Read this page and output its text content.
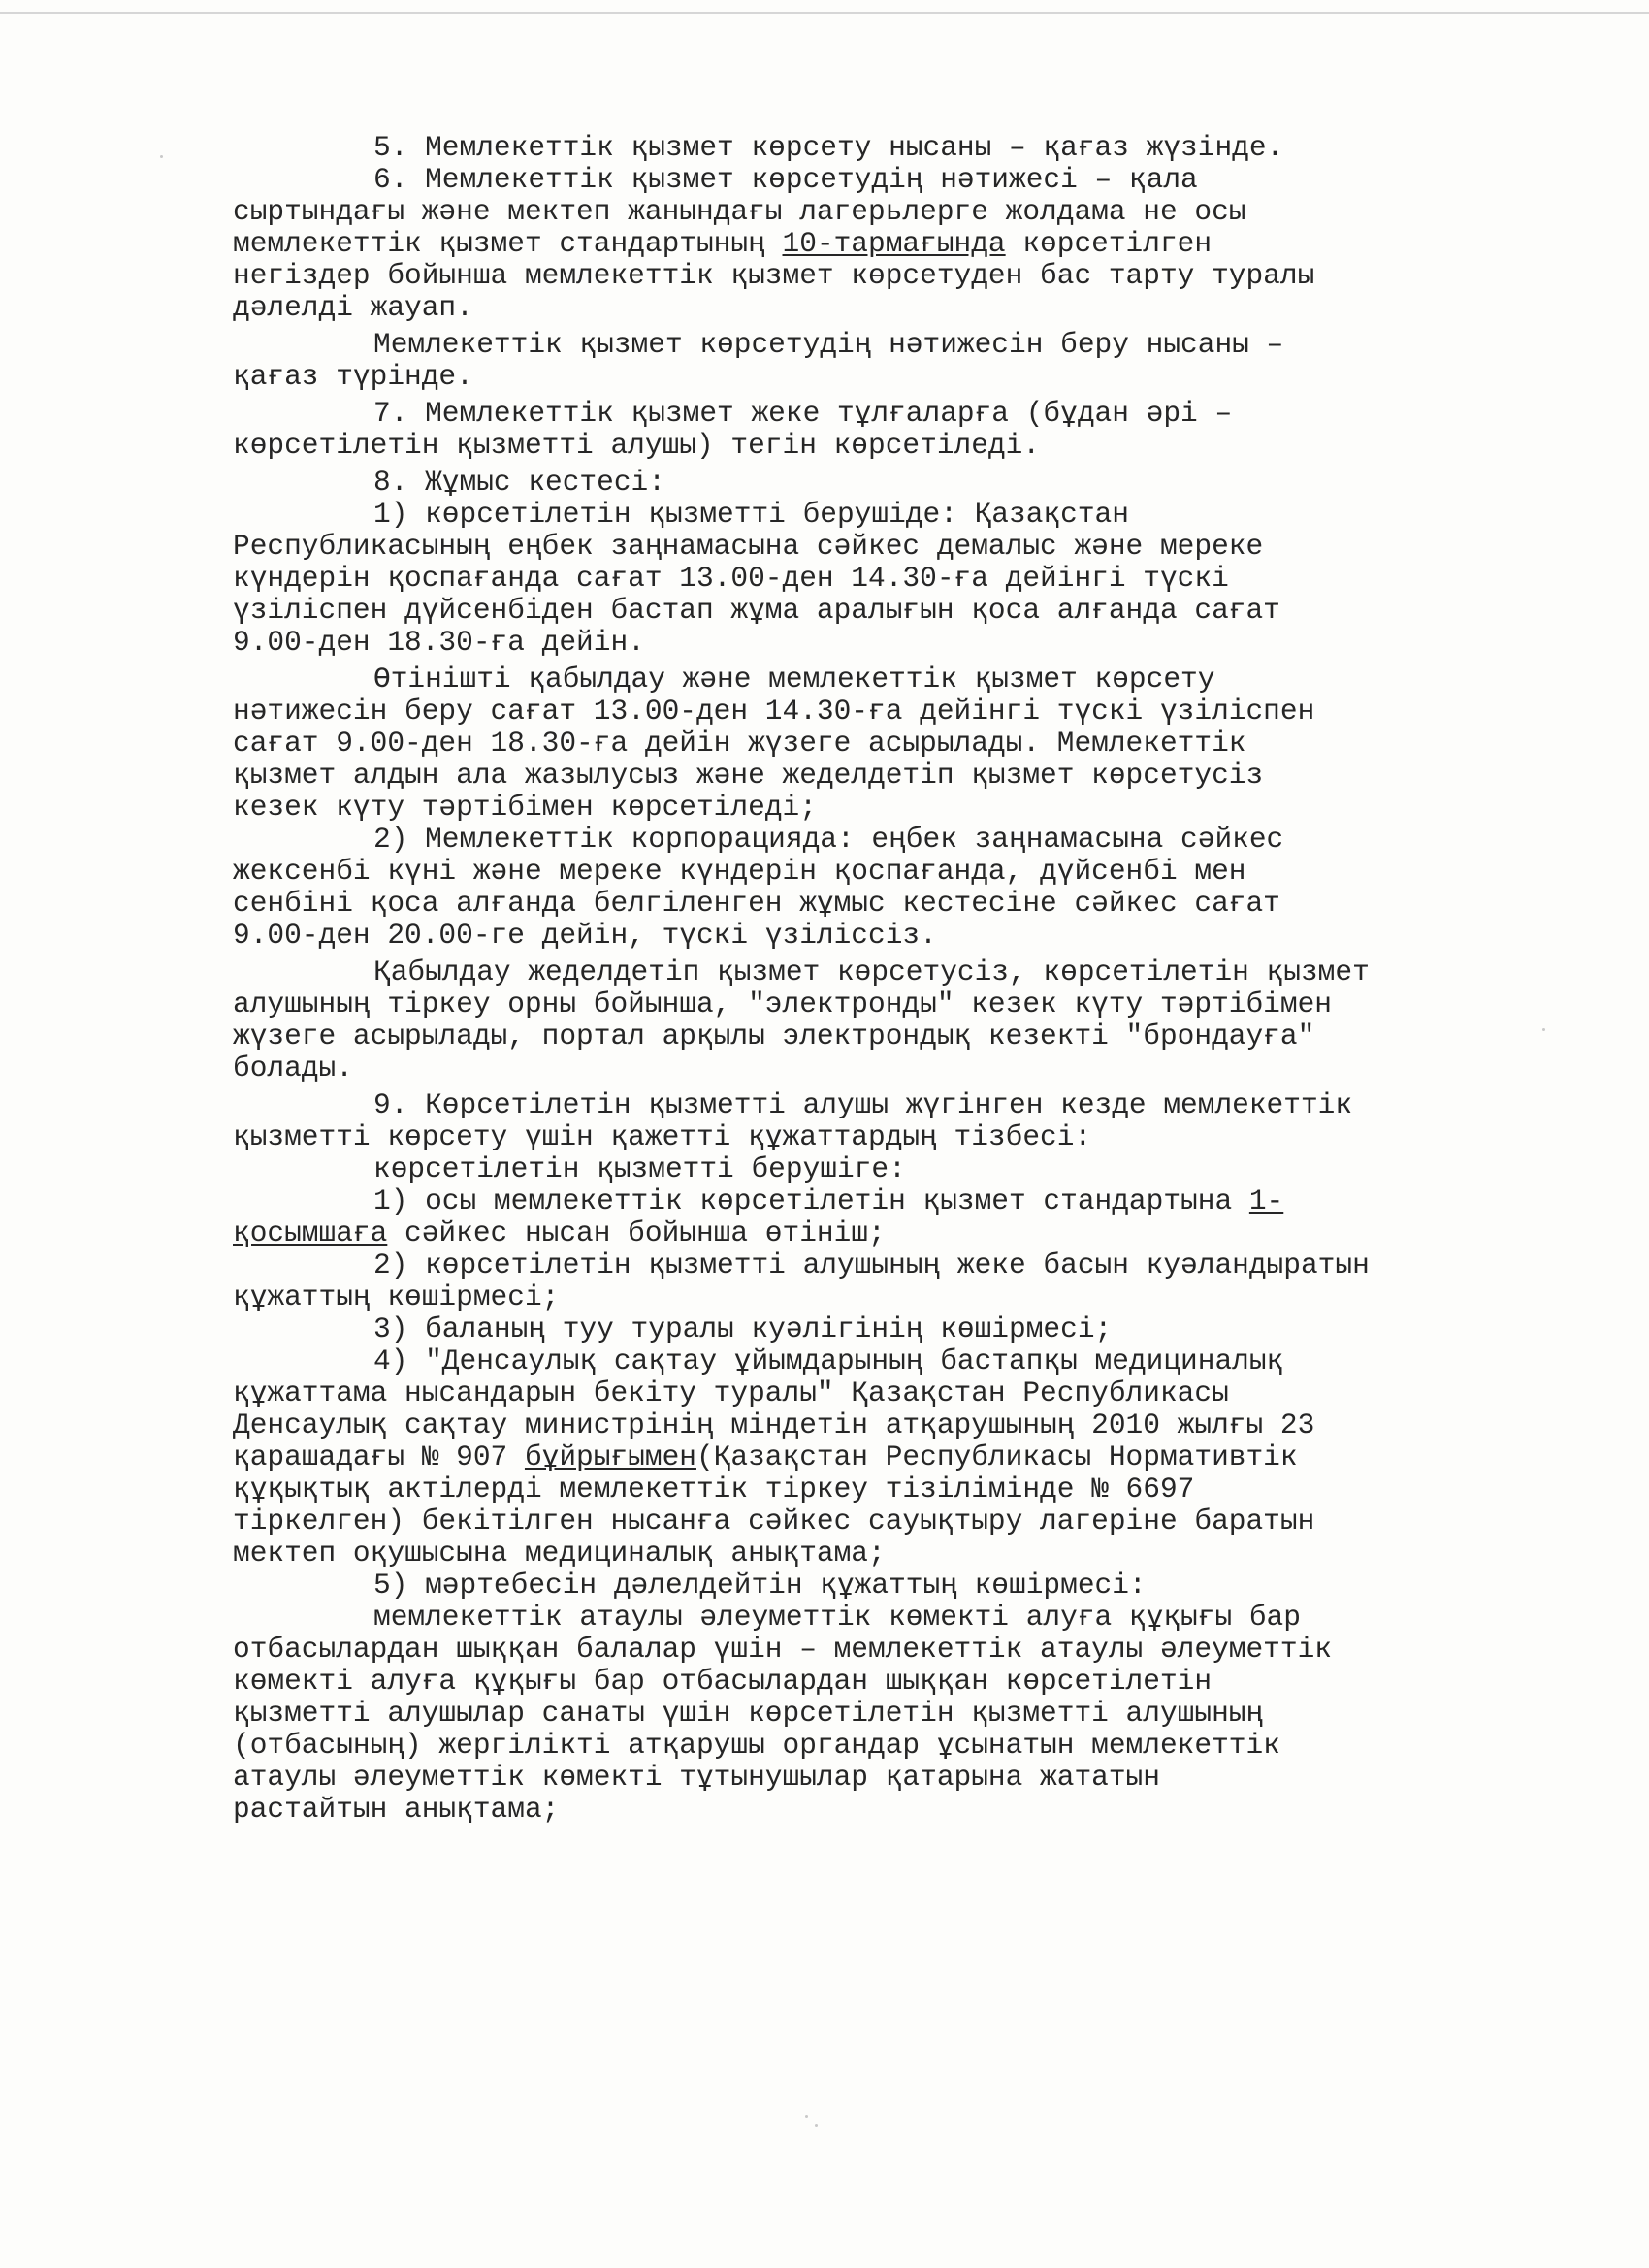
5. Мемлекеттік қызмет көрсету нысаны – қағаз жүзінде.
6. Мемлекеттік қызмет көрсетудің нәтижесі – қала
сыртындағы және мектеп жанындағы лагерьлерге жолдама не осы
мемлекеттік қызмет стандартының 10-тармағында көрсетілген
негіздер бойынша мемлекеттік қызмет көрсетуден бас тарту туралы
дәлелді жауап.
Мемлекеттік қызмет көрсетудің нәтижесін беру нысаны –
қағаз түрінде.
7. Мемлекеттік қызмет жеке тұлғаларға (бұдан әрі –
көрсетілетін қызметті алушы) тегін көрсетіледі.
8. Жұмыс кестесі:
1) көрсетілетін қызметті берушіде: Қазақстан
Республикасының еңбек заңнамасына сәйкес демалыс және мереке
күндерін қоспағанда сағат 13.00-ден 14.30-ға дейінгі түскі
үзіліспен дүйсенбіден бастап жұма аралығын қоса алғанда сағат
9.00-ден 18.30-ға дейін.
Өтінішті қабылдау және мемлекеттік қызмет көрсету
нәтижесін беру сағат 13.00-ден 14.30-ға дейінгі түскі үзіліспен
сағат 9.00-ден 18.30-ға дейін жүзеге асырылады. Мемлекеттік
қызмет алдын ала жазылусыз және жеделдетіп қызмет көрсетусіз
кезек күту тәртібімен көрсетіледі;
2) Мемлекеттік корпорацияда: еңбек заңнамасына сәйкес
жексенбі күні және мереке күндерін қоспағанда, дүйсенбі мен
сенбіні қоса алғанда белгіленген жұмыс кестесіне сәйкес сағат
9.00-ден 20.00-ге дейін, түскі үзіліссіз.
Қабылдау жеделдетіп қызмет көрсетусіз, көрсетілетін қызмет
алушының тіркеу орны бойынша, "электронды" кезек күту тәртібімен
жүзеге асырылады, портал арқылы электрондық кезекті "брондауға"
болады.
9. Көрсетілетін қызметті алушы жүгінген кезде мемлекеттік
қызметті көрсету үшін қажетті құжаттардың тізбесі:
көрсетілетін қызметті берушіге:
1) осы мемлекеттік көрсетілетін қызмет стандартына 1-
қосымшаға сәйкес нысан бойынша өтініш;
2) көрсетілетін қызметті алушының жеке басын куәландыратын
құжаттың көшірмесі;
3) баланың туу туралы куәлігінің көшірмесі;
4) "Денсаулық сақтау ұйымдарының бастапқы медициналық
құжаттама нысандарын бекіту туралы" Қазақстан Республикасы
Денсаулық сақтау министрінің міндетін атқарушының 2010 жылғы 23
қарашадағы № 907 бұйрығымен(Қазақстан Республикасы Нормативтік
құқықтық актілерді мемлекеттік тіркеу тізілімінде № 6697
тіркелген) бекітілген нысанға сәйкес сауықтыру лагеріне баратын
мектеп оқушысына медициналық анықтама;
5) мәртебесін дәлелдейтін құжаттың көшірмесі:
мемлекеттік атаулы әлеуметтік көмекті алуға құқығы бар
отбасылардан шыққан балалар үшін – мемлекеттік атаулы әлеуметтік
көмекті алуға құқығы бар отбасылардан шыққан көрсетілетін
қызметті алушылар санаты үшін көрсетілетін қызметті алушының
(отбасының) жергілікті атқарушы органдар ұсынатын мемлекеттік
атаулы әлеуметтік көмекті тұтынушылар қатарына жататын
растайтын анықтама;
